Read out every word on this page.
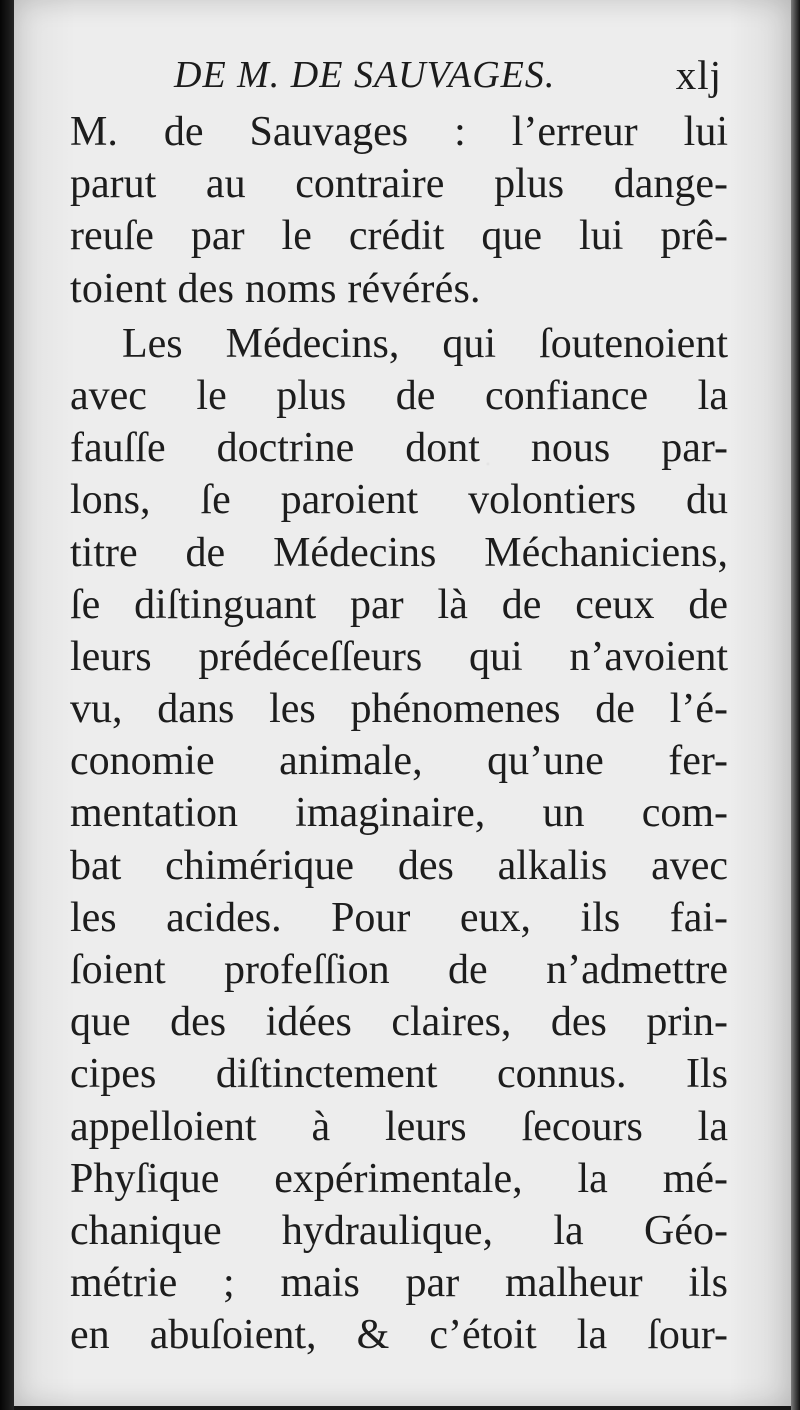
DE M. DE SAUVAGES.	xlj
M. de Sauvages : l’erreur lui
parut au contraire plus dange-
reuſe par le crédit que lui prê-
toient des noms révérés.
Les Médecins, qui ſoutenoient
avec le plus de confiance la
fauſſe doctrine dont nous par-
lons, ſe paroient volontiers du
titre de Médecins Méchaniciens,
ſe diſtinguant par là de ceux de
leurs prédéceſſeurs qui n’avoient
vu, dans les phénomenes de l’é-
conomie animale, qu’une fer-
mentation imaginaire, un com-
bat chimérique des alkalis avec
les acides. Pour eux, ils fai-
ſoient profeſſion de n’admettre
que des idées claires, des prin-
cipes diſtinctement connus. Ils
appelloient à leurs ſecours la
Phyſique expérimentale, la mé-
chanique hydraulique, la Géo-
métrie ; mais par malheur ils
en abuſoient, & c’étoit la ſour-
